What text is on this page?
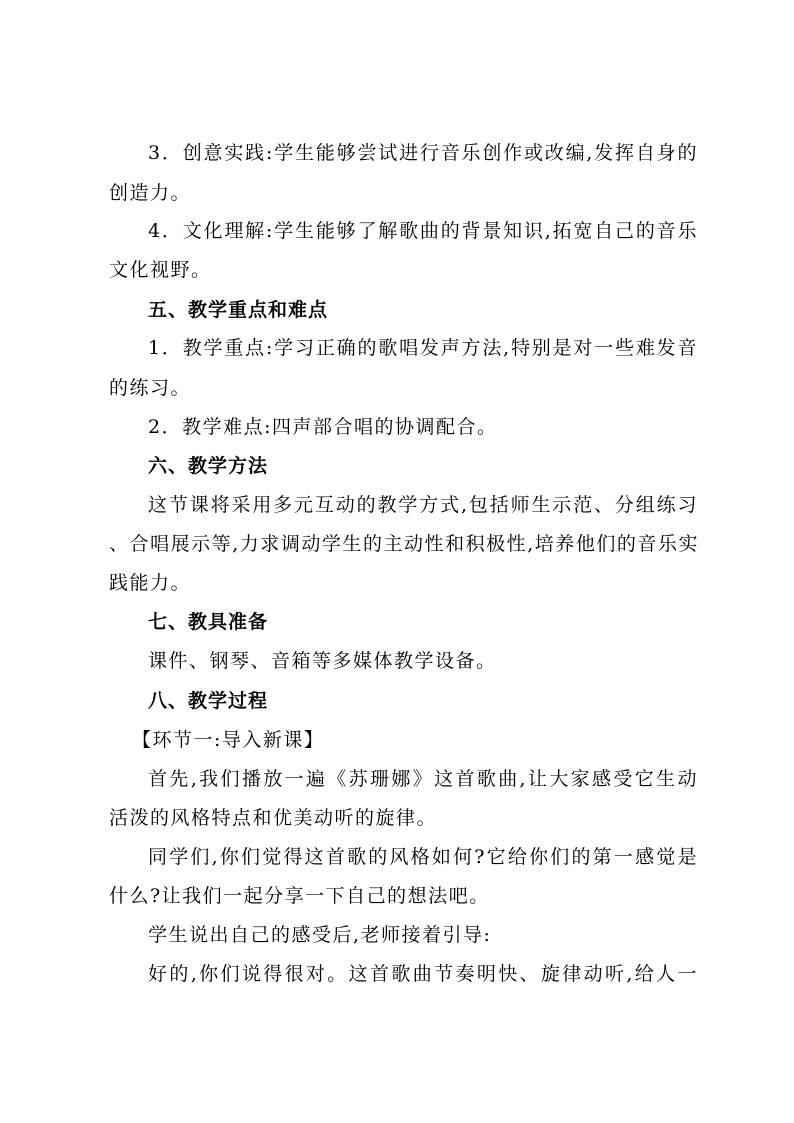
3．创意实践:学生能够尝试进行音乐创作或改编,发挥自身的
创造力。
4．文化理解:学生能够了解歌曲的背景知识,拓宽自己的音乐
文化视野。
五、教学重点和难点
1．教学重点:学习正确的歌唱发声方法,特别是对一些难发音
的练习。
2．教学难点:四声部合唱的协调配合。
六、教学方法
这节课将采用多元互动的教学方式,包括师生示范、分组练习
、合唱展示等,力求调动学生的主动性和积极性,培养他们的音乐实
践能力。
七、教具准备
课件、钢琴、音箱等多媒体教学设备。
八、教学过程
【环节一:导入新课】
首先,我们播放一遍《苏珊娜》这首歌曲,让大家感受它生动
活泼的风格特点和优美动听的旋律。
同学们,你们觉得这首歌的风格如何?它给你们的第一感觉是
什么?让我们一起分享一下自己的想法吧。
学生说出自己的感受后,老师接着引导:
好的,你们说得很对。这首歌曲节奏明快、旋律动听,给人一
